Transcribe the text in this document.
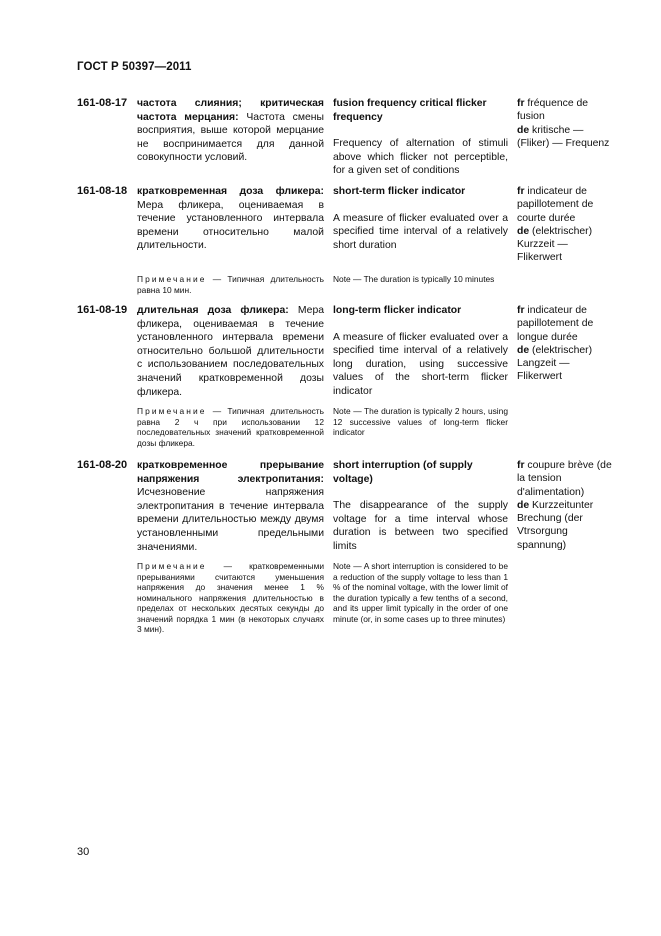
ГОСТ Р 50397—2011
161-08-17 частота слияния; критическая частота мерцания: Частота смены восприятия, выше которой мерцание не воспринимается для данной совокупности условий.
fusion frequency critical flicker frequency
Frequency of alternation of stimuli above which flicker not perceptible, for a given set of conditions
fr fréquence de fusion
de kritische — (Fliker) — Frequenz
161-08-18 кратковременная доза фликера: Мера фликера, оцениваемая в течение установленного интервала времени относительно малой длительности.
short-term flicker indicator
A measure of flicker evaluated over a specified time interval of a relatively short duration
fr indicateur de papillotement de courte durée
de (elektrischer) Kurzzeit — Flikerwert
Примечание — Типичная длительность равна 10 мин.
Note — The duration is typically 10 minutes
161-08-19 длительная доза фликера: Мера фликера, оцениваемая в течение установленного интервала времени относительно большой длительности с использованием последовательных значений кратковременной дозы фликера.
long-term flicker indicator
A measure of flicker evaluated over a specified time interval of a relatively long duration, using successive values of the short-term flicker indicator
fr indicateur de papillotement de longue durée
de (elektrischer) Langzeit — Flikerwert
Примечание — Типичная длительность равна 2 ч при использовании 12 последовательных значений кратковременной дозы фликера.
Note — The duration is typically 2 hours, using 12 successive values of long-term flicker indicator
161-08-20 кратковременное прерывание напряжения электропитания: Исчезновение напряжения электропитания в течение интервала времени длительностью между двумя установленными предельными значениями.
short interruption (of supply voltage)
The disappearance of the supply voltage for a time interval whose duration is between two specified limits
fr coupure brève (de la tension d'alimentation)
de Kurzzeitunter Brechung (der Vtrsorgung spannung)
Примечание — кратковременными прерываниями считаются уменьшения напряжения до значения менее 1 % номинального напряжения длительностью в пределах от нескольких десятых секунды до значений порядка 1 мин (в некоторых случаях 3 мин).
Note — A short interruption is considered to be a reduction of the supply voltage to less than 1 % of the nominal voltage, with the lower limit of the duration typically a few tenths of a second, and its upper limit typically in the order of one minute (or, in some cases up to three minutes)
30
